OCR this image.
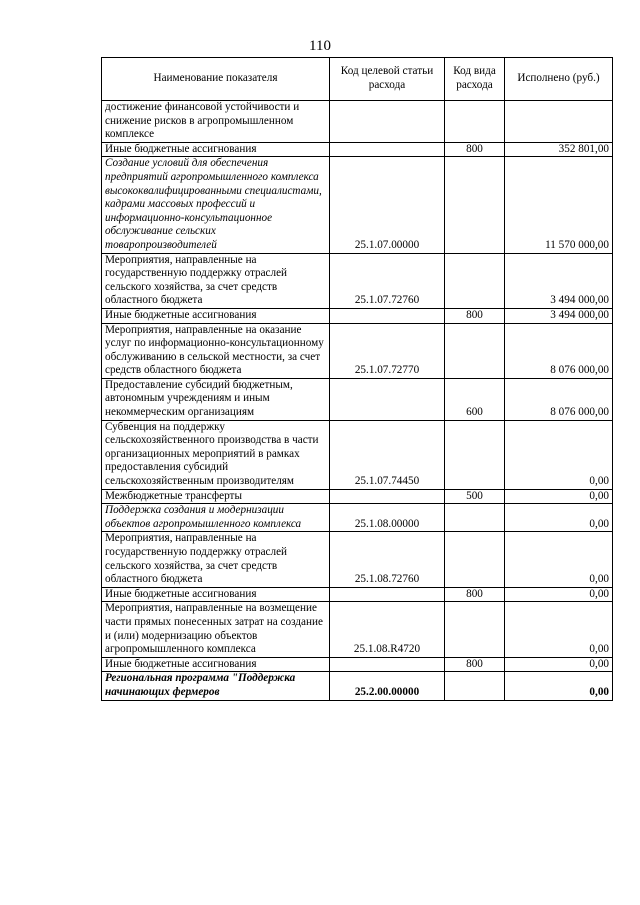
110
Наименование показателя	Код целевой статьи расхода	Код вида расхода	Исполнено (руб.)
достижение финансовой устойчивости и снижение рисков в агропромышленном комплексе			
Иные бюджетные ассигнования		800	352 801,00
Создание условий для обеспечения предприятий агропромышленного комплекса высококвалифицированными специалистами, кадрами массовых профессий и информационно-консультационное обслуживание сельских товаропроизводителей	25.1.07.00000		11 570 000,00
Мероприятия, направленные на государственную поддержку отраслей сельского хозяйства, за счет средств областного бюджета	25.1.07.72760		3 494 000,00
Иные бюджетные ассигнования		800	3 494 000,00
Мероприятия, направленные на оказание услуг по информационно-консультационному обслуживанию в сельской местности, за счет средств областного бюджета	25.1.07.72770		8 076 000,00
Предоставление субсидий бюджетным, автономным учреждениям и иным некоммерческим организациям		600	8 076 000,00
Субвенция на поддержку сельскохозяйственного производства в части организационных мероприятий в рамках предоставления субсидий сельскохозяйственным производителям	25.1.07.74450		0,00
Межбюджетные трансферты		500	0,00
Поддержка создания и модернизации объектов агропромышленного комплекса	25.1.08.00000		0,00
Мероприятия, направленные на государственную поддержку отраслей сельского хозяйства, за счет средств областного бюджета	25.1.08.72760		0,00
Иные бюджетные ассигнования		800	0,00
Мероприятия, направленные на возмещение части прямых понесенных затрат на создание и (или) модернизацию объектов агропромышленного комплекса	25.1.08.R4720		0,00
Иные бюджетные ассигнования		800	0,00
Региональная программа "Поддержка начинающих фермеров	25.2.00.00000		0,00
